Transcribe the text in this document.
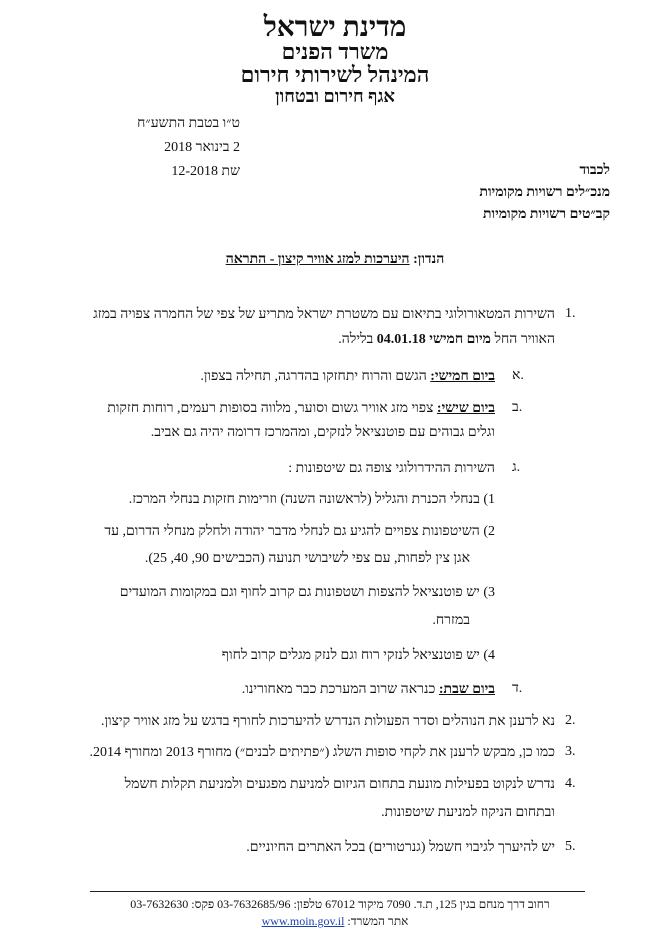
מדינת ישראל
משרד הפנים
המינהל לשירותי חירום
אגף חירום ובטחון
ט״ו בטבת התשע״ח
2 בינואר 2018
שת 12-2018	לכבוד
מנכ״לים רשויות מקומיות
קב״טים רשויות מקומיות
הנדון: היערכות למזג אוויר קיצון - התראה
1.
השירות המטאורולוגי בתיאום עם משטרת ישראל מתריע של צפי של החמרה צפויה במזג
האוויר החל מיום חמישי 04.01.18 בלילה.
א.
ביום חמישי: הגשם והרוח יתחזקו בהדרגה, תחילה בצפון.
ב.
ביום שישי: צפוי מזג אוויר גשום וסוער, מלווה בסופות רעמים, רוחות חזקות
וגלים גבוהים עם פוטנציאל לנזקים, ומהמרכז דרומה יהיה גם אביב.
ג.
השירות ההידרולוגי צופה גם שיטפונות :
1) בנחלי הכנרת והגליל (לראשונה השנה) וזרימות חזקות בנחלי המרכז.
2) השיטפונות צפויים להגיע גם לנחלי מדבר יהודה ולחלק מנחלי הדרום, עד
אגן צין לפחות, עם צפי לשיבושי תנועה (הכבישים 90, 40, 25).
3) יש פוטנציאל להצפות ושטפונות גם קרוב לחוף וגם במקומות המועדים
במזרח.
4) יש פוטנציאל לנזקי רוח וגם לנזק מגלים קרוב לחוף
ד.
ביום שבת: כנראה שרוב המערכת כבר מאחורינו.
2.
נא לרענן את הנוהלים וסדר הפעולות הנדרש להיערכות לחורף בדגש על מזג אוויר קיצון.
3.
כמו כן, מבקש לרענן את לקחי סופות השלג (״פתיתים לבנים״) מחורף 2013 ומחורף 2014.
4.
נדרש לנקוט בפעילות מונעת בתחום הגיזום למניעת מפגעים ולמניעת תקלות חשמל
ובתחום הניקוז למניעת שיטפונות.
5.
יש להיערך לגיבוי חשמל (גנרטורים) בכל האתרים החיוניים.
רחוב דרך מנחם בגין 125, ת.ד. 7090 מיקוד 67012 טלפון: 03-7632685/96 פקס: 03-7632630
אתר המשרד: www.moin.gov.il
